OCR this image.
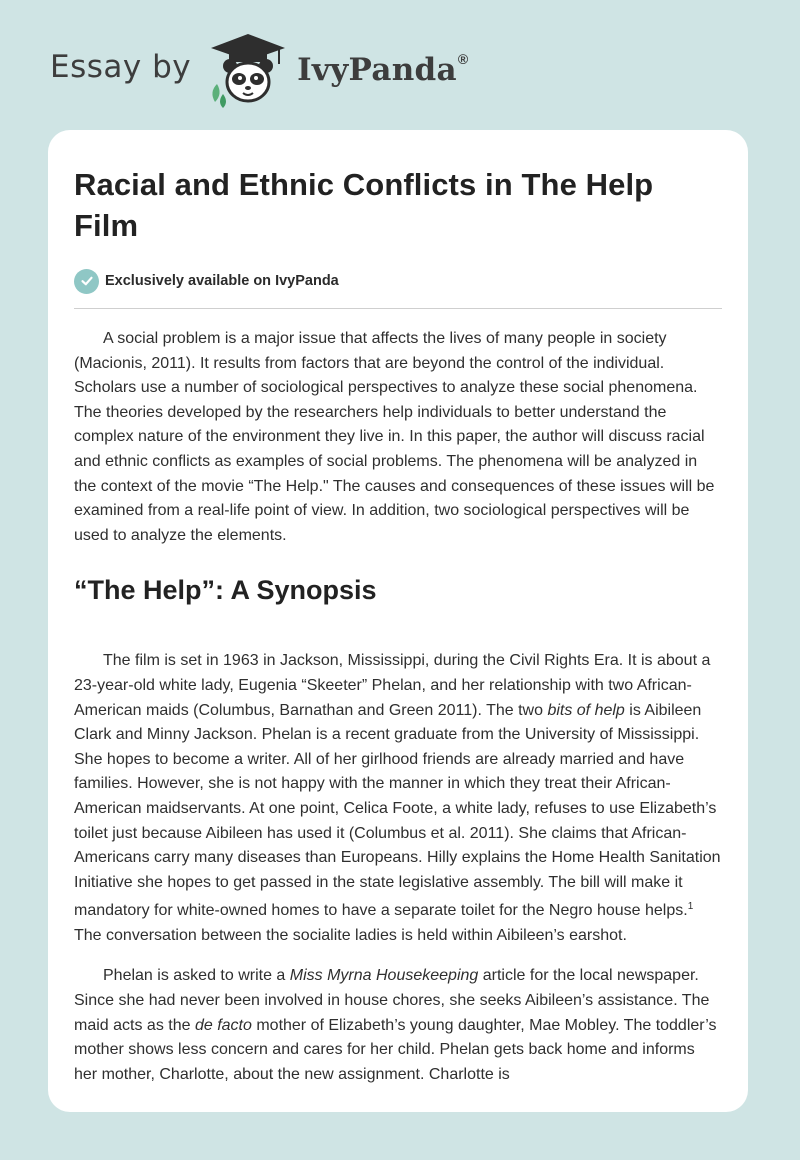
Essay by	IvyPanda®
Racial and Ethnic Conflicts in The Help Film
Exclusively available on IvyPanda

A social problem is a major issue that affects the lives of many people in society (Macionis, 2011). It results from factors that are beyond the control of the individual. Scholars use a number of sociological perspectives to analyze these social phenomena. The theories developed by the researchers help individuals to better understand the complex nature of the environment they live in. In this paper, the author will discuss racial and ethnic conflicts as examples of social problems. The phenomena will be analyzed in the context of the movie “The Help." The causes and consequences of these issues will be examined from a real-life point of view. In addition, two sociological perspectives will be used to analyze the elements.

“The Help”: A Synopsis

The film is set in 1963 in Jackson, Mississippi, during the Civil Rights Era. It is about a 23-year-old white lady, Eugenia “Skeeter” Phelan, and her relationship with two African-American maids (Columbus, Barnathan and Green 2011). The two bits of help is Aibileen Clark and Minny Jackson. Phelan is a recent graduate from the University of Mississippi. She hopes to become a writer. All of her girlhood friends are already married and have families. However, she is not happy with the manner in which they treat their African-American maidservants. At one point, Celica Foote, a white lady, refuses to use Elizabeth’s toilet just because Aibileen has used it (Columbus et al. 2011). She claims that African-Americans carry many diseases than Europeans. Hilly explains the Home Health Sanitation Initiative she hopes to get passed in the state legislative assembly. The bill will make it mandatory for white-owned homes to have a separate toilet for the Negro house helps.$^1$ The conversation between the socialite ladies is held within Aibileen’s earshot.

Phelan is asked to write a Miss Myrna Housekeeping article for the local newspaper. Since she had never been involved in house chores, she seeks Aibileen’s assistance. The maid acts as the de facto mother of Elizabeth’s young daughter, Mae Mobley. The toddler’s mother shows less concern and cares for her child. Phelan gets back home and informs her mother, Charlotte, about the new assignment. Charlotte is
